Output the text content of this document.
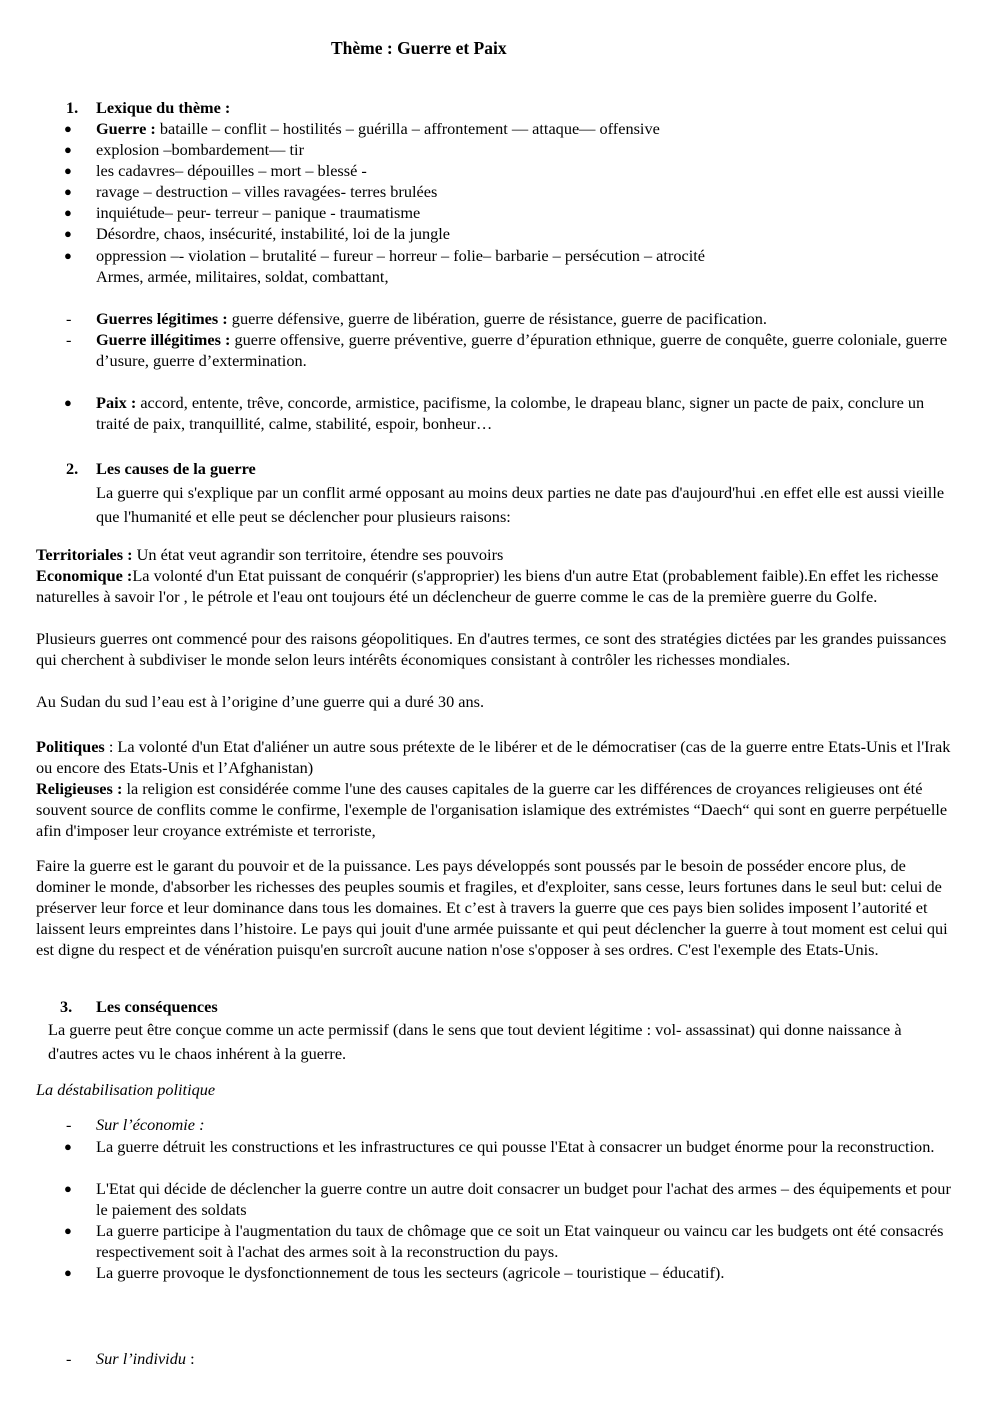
Thème : Guerre et Paix
1. Lexique du thème :
● Guerre : bataille – conflit – hostilités – guérilla – affrontement — attaque— offensive
● explosion –bombardement— tir
● les cadavres– dépouilles – mort – blessé -
● ravage – destruction – villes ravagées- terres brulées
● inquiétude– peur- terreur – panique - traumatisme
● Désordre, chaos, insécurité, instabilité, loi de la jungle
● oppression –- violation – brutalité – fureur – horreur – folie– barbarie – persécution – atrocité
Armes, armée, militaires, soldat, combattant,
- Guerres légitimes : guerre défensive, guerre de libération, guerre de résistance, guerre de pacification.
- Guerre illégitimes : guerre offensive, guerre préventive, guerre d’épuration ethnique, guerre de conquête, guerre coloniale, guerre d’usure, guerre d’extermination.
● Paix : accord, entente, trêve, concorde, armistice, pacifisme, la colombe, le drapeau blanc, signer un pacte de paix, conclure un traité de paix, tranquillité, calme, stabilité, espoir, bonheur…
2. Les causes de la guerre
La guerre qui s'explique par un conflit armé opposant au moins deux parties ne date pas d'aujourd'hui .en effet elle est aussi vieille que l'humanité et elle peut se déclencher pour plusieurs raisons:
Territoriales : Un état veut agrandir son territoire, étendre ses pouvoirs
Economique :La volonté d'un Etat puissant de conquérir (s'approprier) les biens d'un autre Etat (probablement faible).En effet les richesse naturelles à savoir l'or , le pétrole et l'eau ont toujours été un déclencheur de guerre comme le cas de la première guerre du Golfe.
Plusieurs guerres ont commencé pour des raisons géopolitiques. En d'autres termes, ce sont des stratégies dictées par les grandes puissances qui cherchent à subdiviser le monde selon leurs intérêts économiques consistant à contrôler les richesses mondiales.
Au Sudan du sud l’eau est à l’origine d’une guerre qui a duré 30 ans.
Politiques : La volonté d'un Etat d'aliéner un autre sous prétexte de le libérer et de le démocratiser (cas de la guerre entre Etats-Unis et l'Irak ou encore des Etats-Unis et l’Afghanistan)
Religieuses : la religion est considérée comme l'une des causes capitales de la guerre car les différences de croyances religieuses ont été souvent source de conflits comme le confirme, l'exemple de l'organisation islamique des extrémistes “Daech“ qui sont en guerre perpétuelle afin d'imposer leur croyance extrémiste et terroriste,
Faire la guerre est le garant du pouvoir et de la puissance. Les pays développés sont poussés par le besoin de posséder encore plus, de dominer le monde, d'absorber les richesses des peuples soumis et fragiles, et d'exploiter, sans cesse, leurs fortunes dans le seul but: celui de préserver leur force et leur dominance dans tous les domaines. Et c’est à travers la guerre que ces pays bien solides imposent l’autorité et laissent leurs empreintes dans l’histoire. Le pays qui jouit d'une armée puissante et qui peut déclencher la guerre à tout moment est celui qui est digne du respect et de vénération puisqu'en surcroît aucune nation n'ose s'opposer à ses ordres. C'est l'exemple des Etats-Unis.
3. Les conséquences
La guerre peut être conçue comme un acte permissif (dans le sens que tout devient légitime : vol- assassinat) qui donne naissance à d'autres actes vu le chaos inhérent à la guerre.
La déstabilisation politique
- Sur l’économie :
● La guerre détruit les constructions et les infrastructures ce qui pousse l'Etat à consacrer un budget énorme pour la reconstruction.
● L'Etat qui décide de déclencher la guerre contre un autre doit consacrer un budget pour l'achat des armes – des équipements et pour le paiement des soldats
● La guerre participe à l'augmentation du taux de chômage que ce soit un Etat vainqueur ou vaincu car les budgets ont été consacrés respectivement soit à l'achat des armes soit à la reconstruction du pays.
● La guerre provoque le dysfonctionnement de tous les secteurs (agricole – touristique – éducatif).
- Sur l’individu :
